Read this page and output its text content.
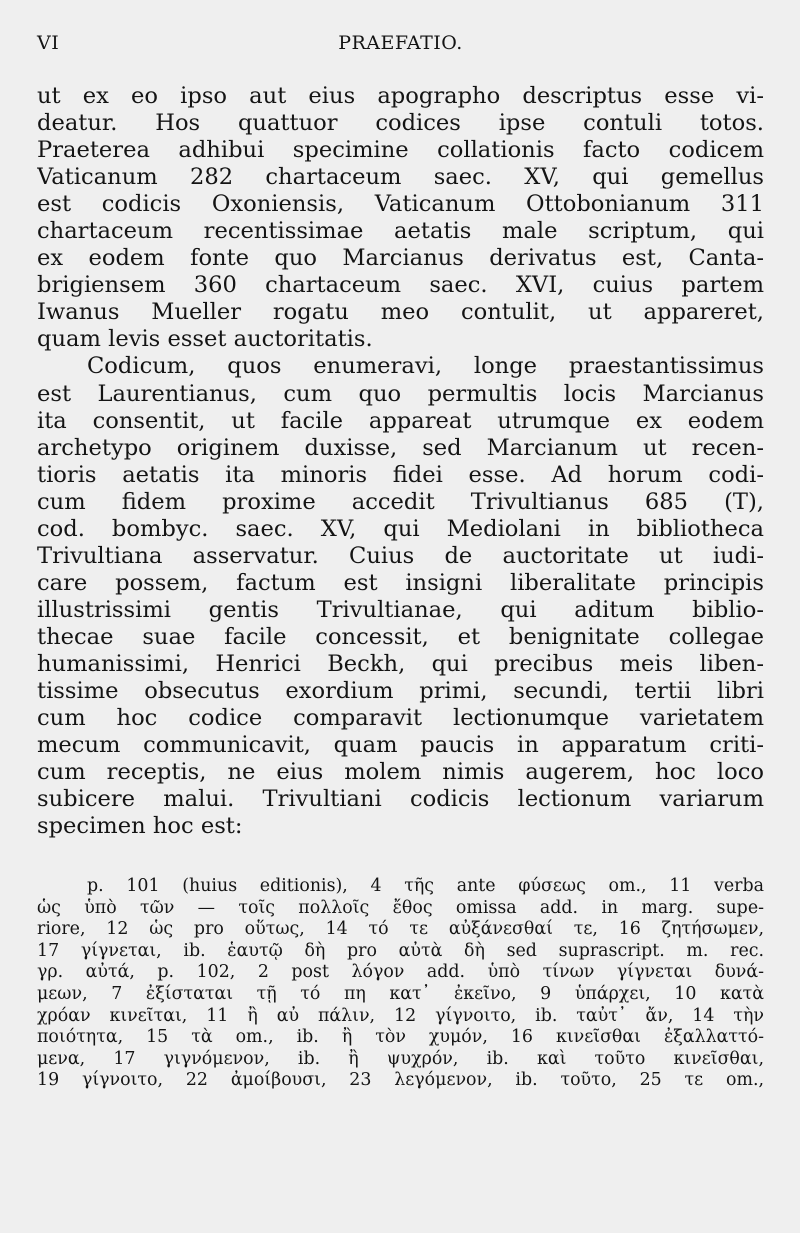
VI	PRAEFATIO.
ut ex eo ipso aut eius apographo descriptus esse vi-
deatur. Hos quattuor codices ipse contuli totos.
Praeterea adhibui specimine collationis facto codicem
Vaticanum 282 chartaceum saec. XV, qui gemellus
est codicis Oxoniensis, Vaticanum Ottobonianum 311
chartaceum recentissimae aetatis male scriptum, qui
ex eodem fonte quo Marcianus derivatus est, Canta-
brigiensem 360 chartaceum saec. XVI, cuius partem
Iwanus Mueller rogatu meo contulit, ut appareret,
quam levis esset auctoritatis.
Codicum, quos enumeravi, longe praestantissimus
est Laurentianus, cum quo permultis locis Marcianus
ita consentit, ut facile appareat utrumque ex eodem
archetypo originem duxisse, sed Marcianum ut recen-
tioris aetatis ita minoris fidei esse. Ad horum codi-
cum fidem proxime accedit Trivultianus 685 (T),
cod. bombyc. saec. XV, qui Mediolani in bibliotheca
Trivultiana asservatur. Cuius de auctoritate ut iudi-
care possem, factum est insigni liberalitate principis
illustrissimi gentis Trivultianae, qui aditum biblio-
thecae suae facile concessit, et benignitate collegae
humanissimi, Henrici Beckh, qui precibus meis liben-
tissime obsecutus exordium primi, secundi, tertii libri
cum hoc codice comparavit lectionumque varietatem
mecum communicavit, quam paucis in apparatum criti-
cum receptis, ne eius molem nimis augerem, hoc loco
subicere malui. Trivultiani codicis lectionum variarum
specimen hoc est:
p. 101 (huius editionis), 4 τῆς ante φύσεως om., 11 verba
ὡς ὑπὸ τῶν — τοῖς πολλοῖς ἔθος omissa add. in marg. supe-
riore, 12 ὡς pro οὕτως, 14 τό τε αὐξάνεσθαί τε, 16 ζητήσωμεν,
17 γίγνεται, ib. ἑαυτῷ δὴ pro αὐτὰ δὴ sed suprascript. m. rec.
γρ. αὐτά, p. 102, 2 post λόγον add. ὑπὸ τίνων γίγνεται δυνά-
μεων, 7 ἐξίσταται τῇ τό πη κατ᾽ ἐκεῖνο, 9 ὑπάρχει, 10 κατὰ
χρόαν κινεῖται, 11 ἢ αὖ πάλιν, 12 γίγνοιτο, ib. ταὖτ᾽ ἄν, 14 τὴν
ποιότητα, 15 τὰ om., ib. ἢ τὸν χυμόν, 16 κινεῖσθαι ἐξαλλαττό-
μενα, 17 γιγνόμενον, ib. ἢ ψυχρόν, ib. καὶ τοῦτο κινεῖσθαι,
19 γίγνοιτο, 22 ἀμοίβουσι, 23 λεγόμενον, ib. τοῦτο, 25 τε om.,
